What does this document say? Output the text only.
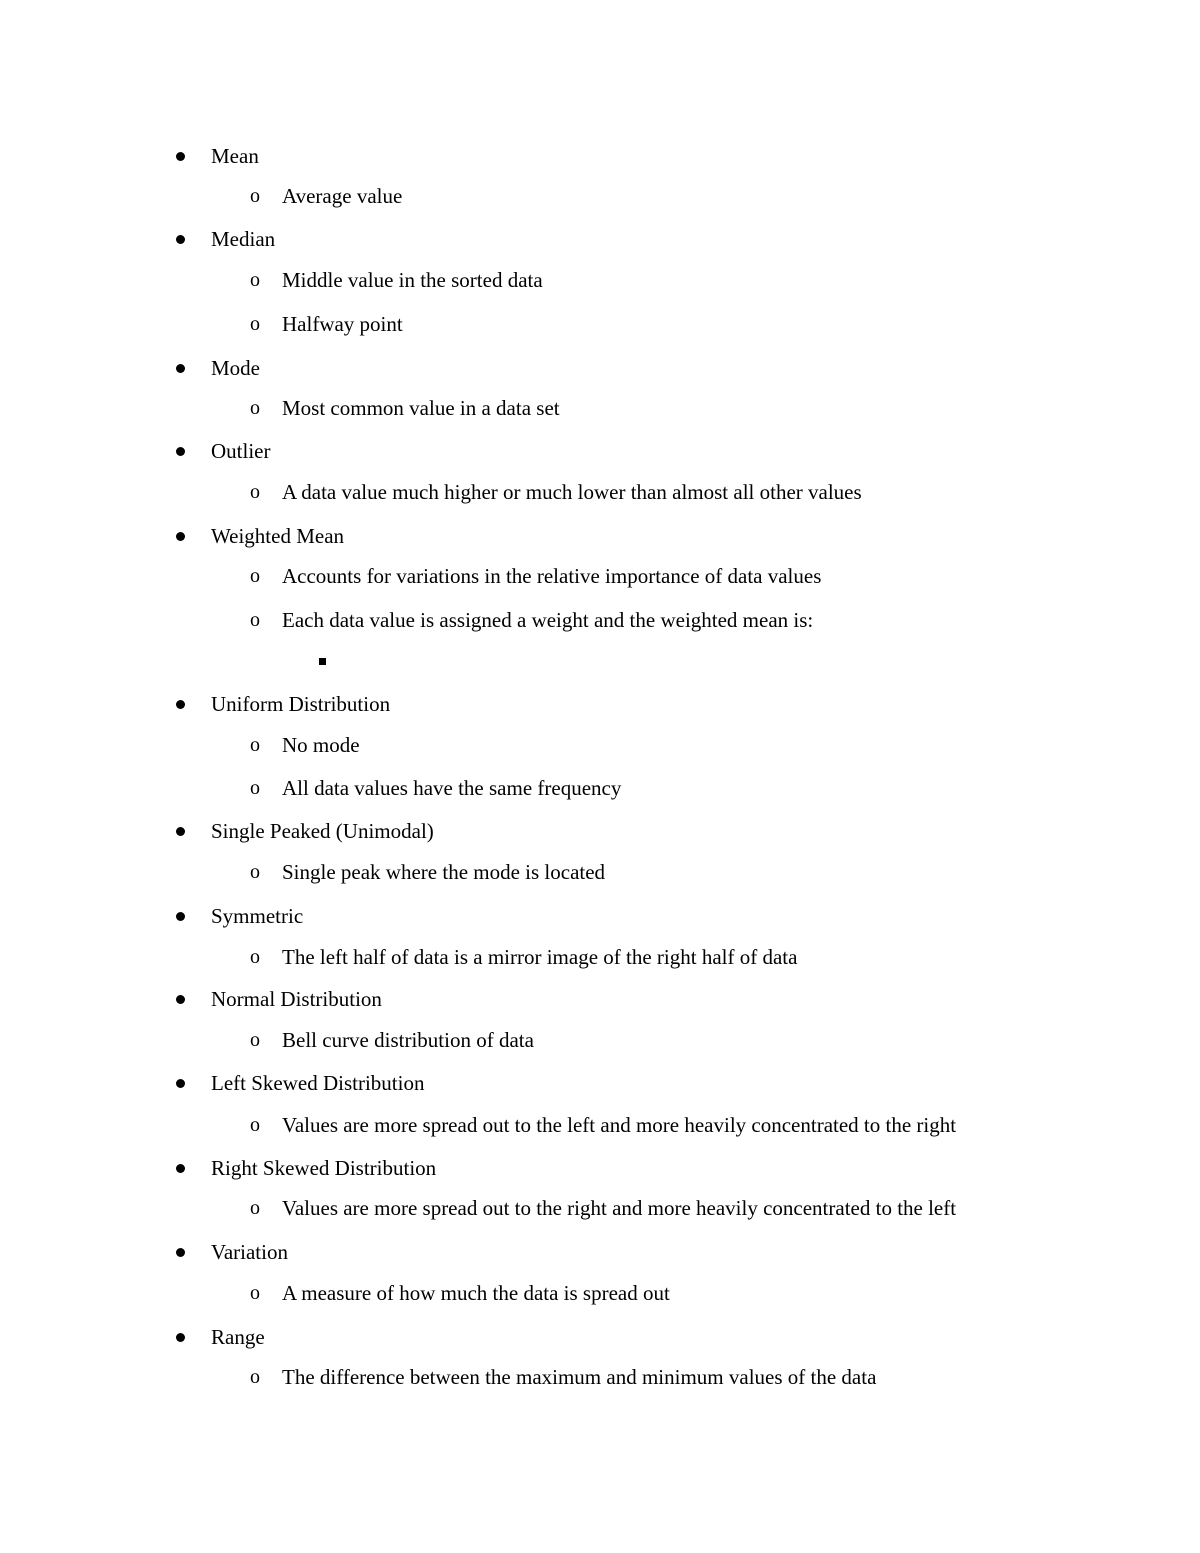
Mean
o Average value
Median
o Middle value in the sorted data
o Halfway point
Mode
o Most common value in a data set
Outlier
o A data value much higher or much lower than almost all other values
Weighted Mean
o Accounts for variations in the relative importance of data values
o Each data value is assigned a weight and the weighted mean is:
Uniform Distribution
o No mode
o All data values have the same frequency
Single Peaked (Unimodal)
o Single peak where the mode is located
Symmetric
o The left half of data is a mirror image of the right half of data
Normal Distribution
o Bell curve distribution of data
Left Skewed Distribution
o Values are more spread out to the left and more heavily concentrated to the right
Right Skewed Distribution
o Values are more spread out to the right and more heavily concentrated to the left
Variation
o A measure of how much the data is spread out
Range
o The difference between the maximum and minimum values of the data
